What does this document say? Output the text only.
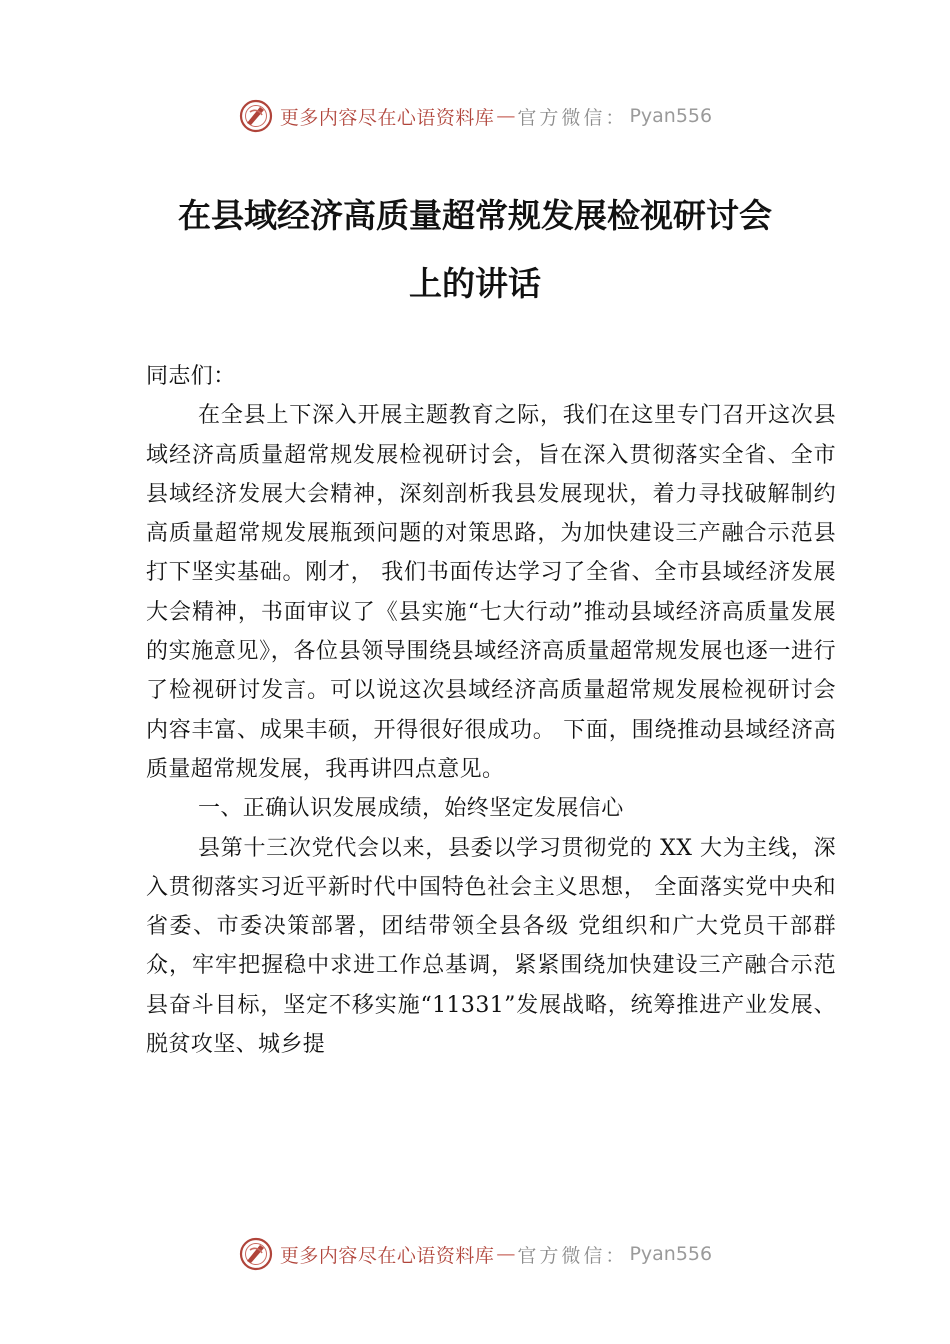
更多内容尽在心语资料库 — 官方微信： Pyan556
在县域经济高质量超常规发展检视研讨会
上的讲话

同志们：

在全县上下深入开展主题教育之际，我们在这里专门召开这次县域经济高质量超常规发展检视研讨会，旨在深入贯彻落实全省、全市县域经济发展大会精神，深刻剖析我县发展现状，着力寻找破解制约高质量超常规发展瓶颈问题的对策思路，为加快建设三产融合示范县打下坚实基础。刚才， 我们书面传达学习了全省、全市县域经济发展大会精神，书面审议了《县实施“七大行动”推动县域经济高质量发展的实施意见》，各位县领导围绕县域经济高质量超常规发展也逐一进行了检视研讨发言。可以说这次县域经济高质量超常规发展检视研讨会内容丰富、成果丰硕，开得很好很成功。 下面，围绕推动县域经济高质量超常规发展，我再讲四点意见。

一、正确认识发展成绩，始终坚定发展信心

县第十三次党代会以来，县委以学习贯彻党的 XX 大为主线，深入贯彻落实习近平新时代中国特色社会主义思想， 全面落实党中央和省委、市委决策部署，团结带领全县各级 党组织和广大党员干部群众，牢牢把握稳中求进工作总基调，紧紧围绕加快建设三产融合示范县奋斗目标，坚定不移实施“11331”发展战略，统筹推进产业发展、脱贫攻坚、城乡提

更多内容尽在心语资料库 — 官方微信： Pyan556
